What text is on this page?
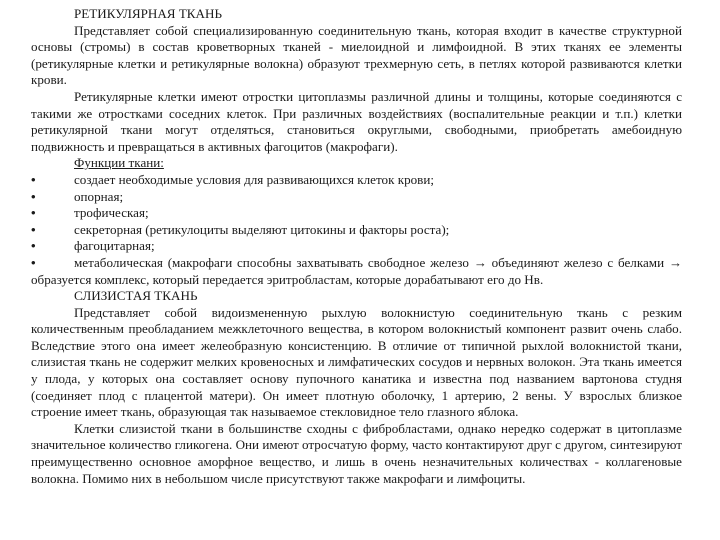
РЕТИКУЛЯРНАЯ ТКАНЬ

Представляет собой специализированную соединительную ткань, которая входит в качестве структурной основы (стромы) в состав кроветворных тканей - миелоидной и лимфоидной. В этих тканях ее элементы (ретикулярные клетки и ретикулярные волокна) образуют трехмерную сеть, в петлях которой развиваются клетки крови.

Ретикулярные клетки имеют отростки цитоплазмы различной длины и толщины, которые соединяются с такими же отростками соседних клеток. При различных воздействиях (воспалительные реакции и т.п.) клетки ретикулярной ткани могут отделяться, становиться округлыми, свободными, приобретать амебоидную подвижность и превращаться в активных фагоцитов (макрофаги).

Функции ткани:
•	создает необходимые условия для развивающихся клеток крови;
•	опорная;
•	трофическая;
•	секреторная (ретикулоциты выделяют цитокины и факторы роста);
•	фагоцитарная;

•	метаболическая (макрофаги способны захватывать свободное железо → объединяют железо с белками → образуется комплекс, который передается эритробластам, которые дорабатывают его до Нв.

СЛИЗИСТАЯ ТКАНЬ

Представляет собой видоизмененную рыхлую волокнистую соединительную ткань с резким количественным преобладанием межклеточного вещества, в котором волокнистый компонент развит очень слабо. Вследствие этого она имеет желеобразную консистенцию. В отличие от типичной рыхлой волокнистой ткани, слизистая ткань не содержит мелких кровеносных и лимфатических сосудов и нервных волокон. Эта ткань имеется у плода, у которых она составляет основу пупочного канатика и известна под названием вартонова студня (соединяет плод с плацентой матери). Он имеет плотную оболочку, 1 артерию, 2 вены. У взрослых близкое строение имеет ткань, образующая так называемое стекловидное тело глазного яблока.

Клетки слизистой ткани в большинстве сходны с фибробластами, однако нередко содержат в цитоплазме значительное количество гликогена. Они имеют отросчатую форму, часто контактируют друг с другом, синтезируют преимущественно основное аморфное вещество, и лишь в очень незначительных количествах - коллагеновые волокна. Помимо них в небольшом числе присутствуют также макрофаги и лимфоциты.
